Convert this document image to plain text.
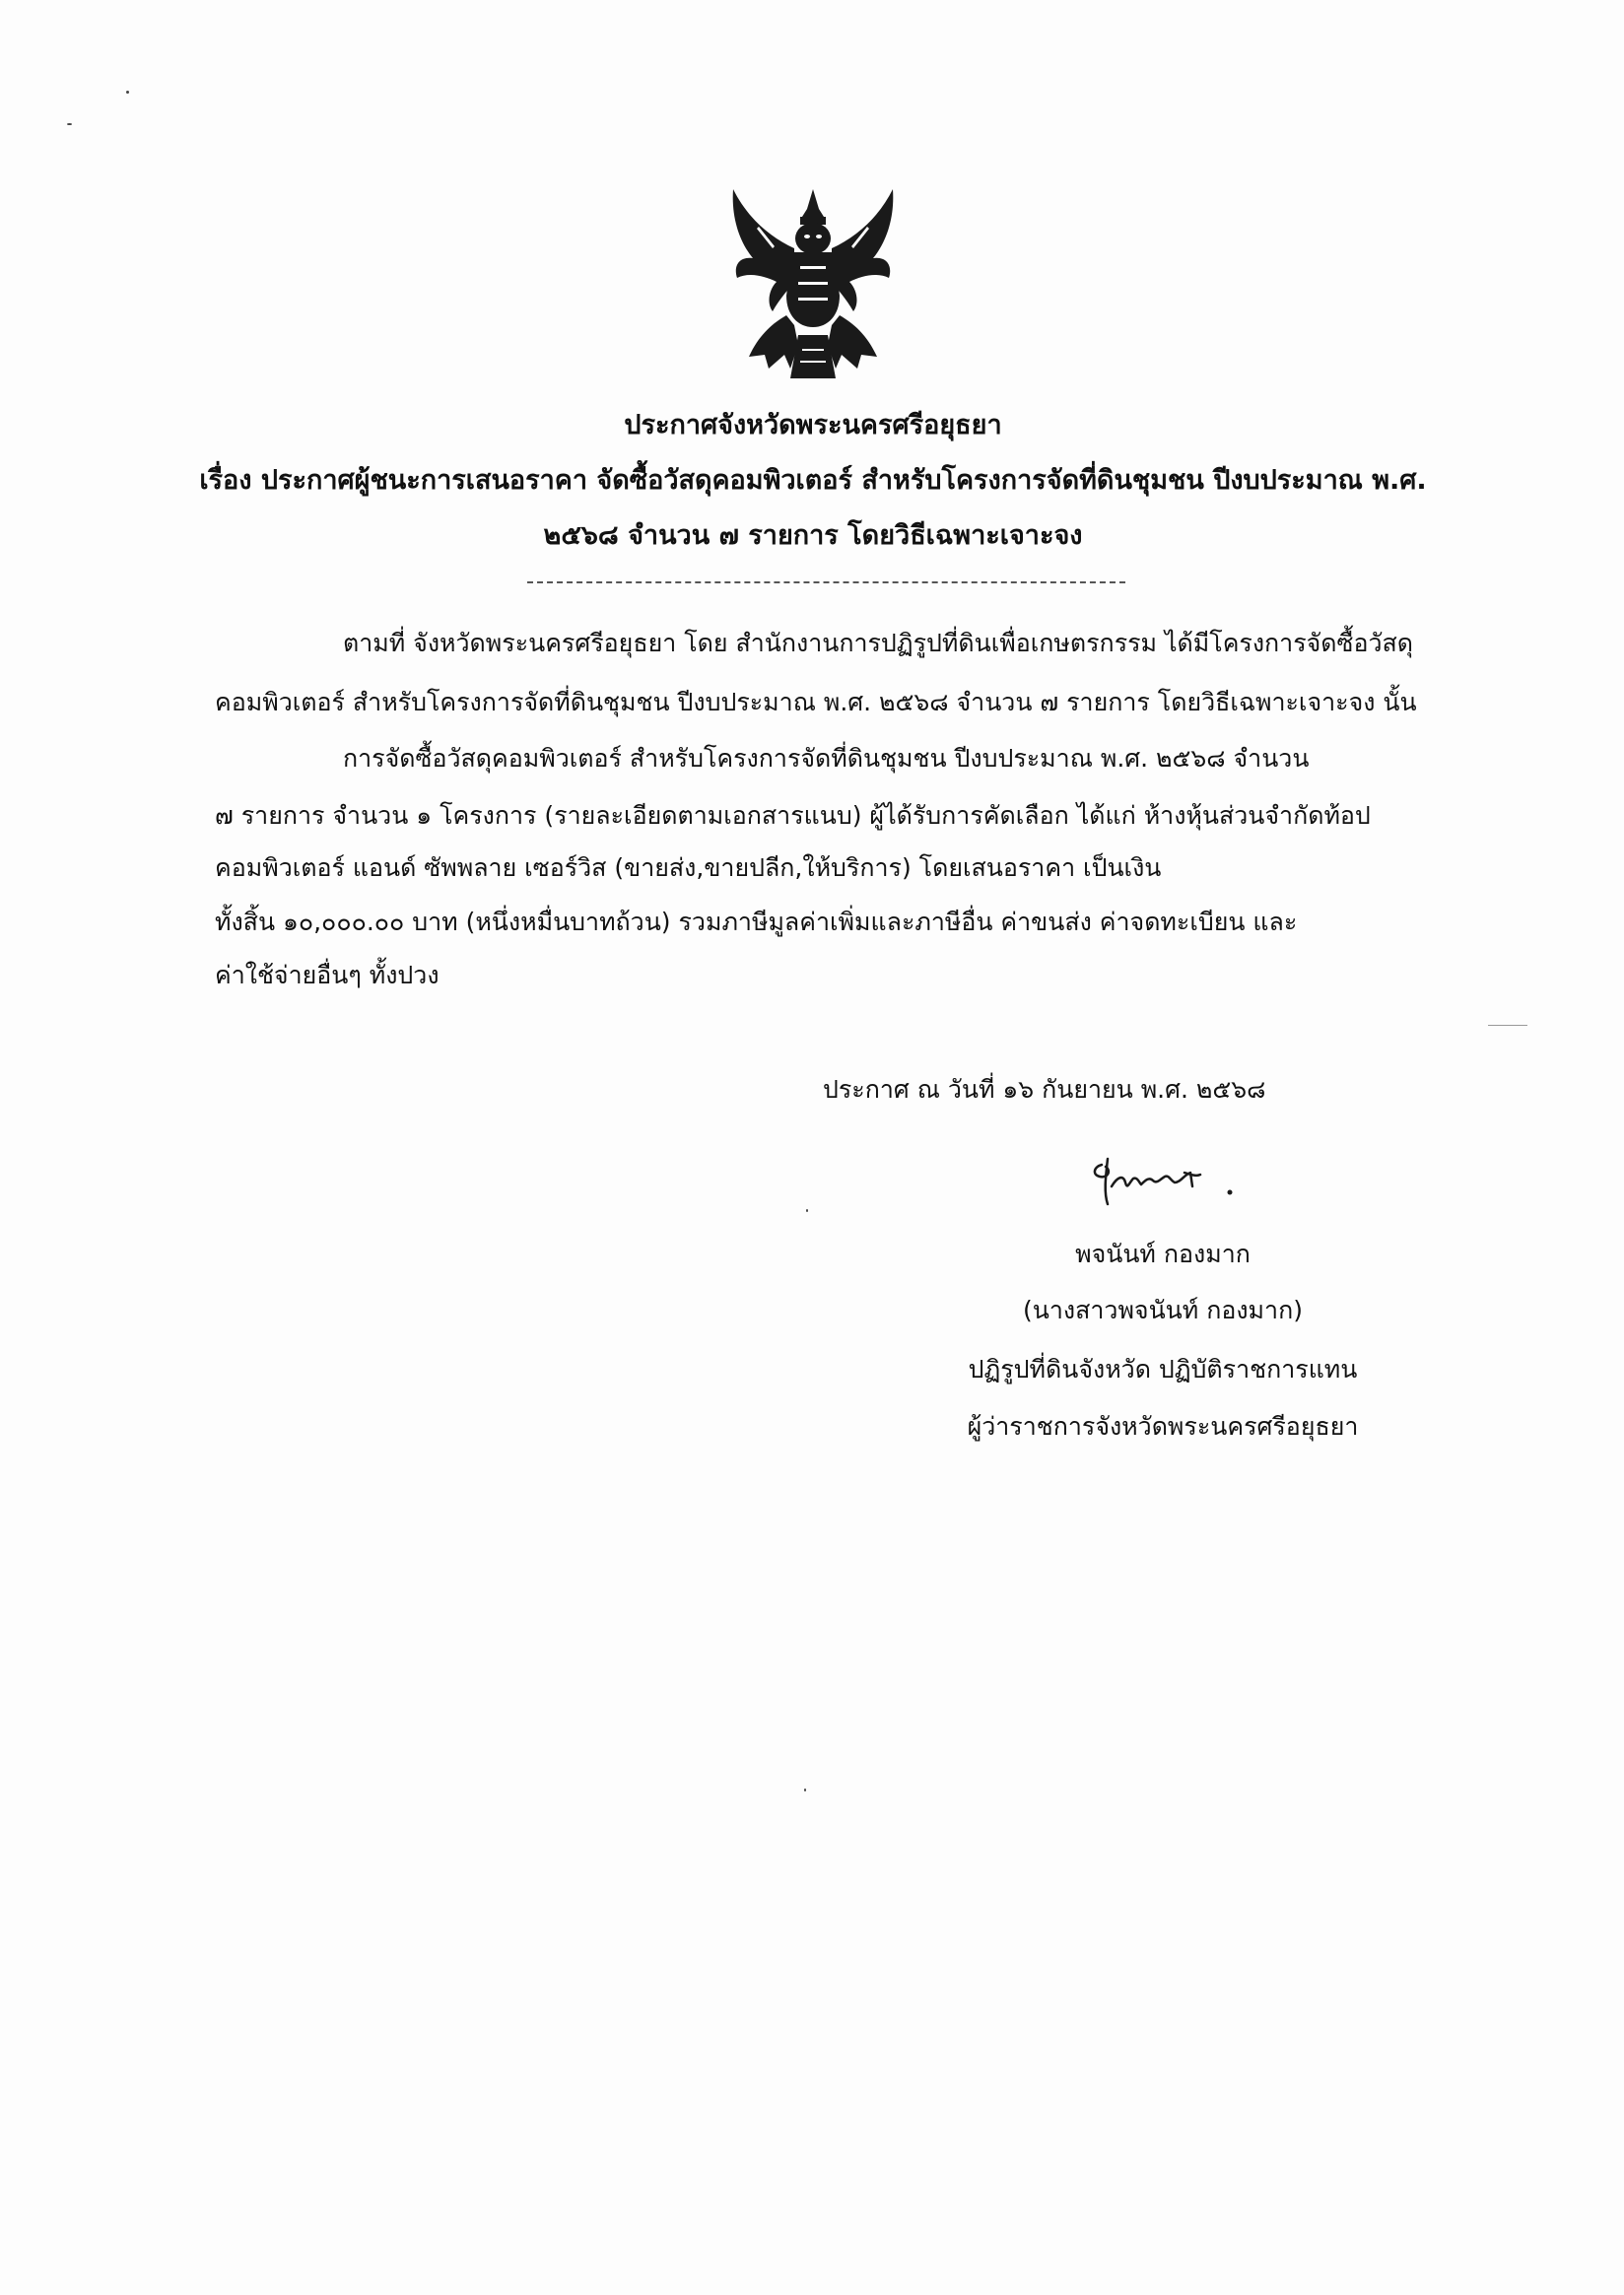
ประกาศจังหวัดพระนครศรีอยุธยา
เรื่อง ประกาศผู้ชนะการเสนอราคา จัดซื้อวัสดุคอมพิวเตอร์ สำหรับโครงการจัดที่ดินชุมชน ปีงบประมาณ พ.ศ.
๒๕๖๘ จำนวน ๗ รายการ โดยวิธีเฉพาะเจาะจง
ตามที่ จังหวัดพระนครศรีอยุธยา โดย สำนักงานการปฏิรูปที่ดินเพื่อเกษตรกรรม ได้มีโครงการจัดซื้อวัสดุ
คอมพิวเตอร์ สำหรับโครงการจัดที่ดินชุมชน ปีงบประมาณ พ.ศ. ๒๕๖๘ จำนวน ๗ รายการ โดยวิธีเฉพาะเจาะจง นั้น
การจัดซื้อวัสดุคอมพิวเตอร์ สำหรับโครงการจัดที่ดินชุมชน ปีงบประมาณ พ.ศ. ๒๕๖๘ จำนวน
๗ รายการ จำนวน ๑ โครงการ (รายละเอียดตามเอกสารแนบ) ผู้ได้รับการคัดเลือก ได้แก่ ห้างหุ้นส่วนจำกัดท้อป
คอมพิวเตอร์ แอนด์ ซัพพลาย เซอร์วิส (ขายส่ง,ขายปลีก,ให้บริการ) โดยเสนอราคา เป็นเงิน
ทั้งสิ้น ๑๐,๐๐๐.๐๐ บาท (หนึ่งหมื่นบาทถ้วน) รวมภาษีมูลค่าเพิ่มและภาษีอื่น ค่าขนส่ง ค่าจดทะเบียน และ
ค่าใช้จ่ายอื่นๆ ทั้งปวง
ประกาศ ณ วันที่ ๑๖ กันยายน พ.ศ. ๒๕๖๘
พจนันท์ กองมาก
(นางสาวพจนันท์ กองมาก)
ปฏิรูปที่ดินจังหวัด ปฏิบัติราชการแทน
ผู้ว่าราชการจังหวัดพระนครศรีอยุธยา
